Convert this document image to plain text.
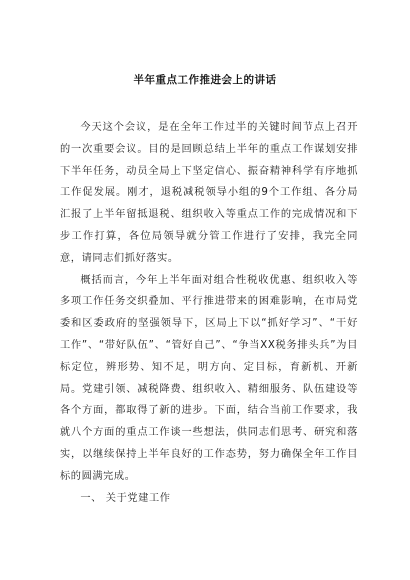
半年重点工作推进会上的讲话

今天这个会议，是在全年工作过半的关键时间节点上召开的一次重要会议。目的是回顾总结上半年的重点工作谋划安排下半年任务，动员全局上下坚定信心、振奋精神科学有序地抓工作促发展。刚才，退税减税领导小组的9个工作组、各分局汇报了上半年留抵退税、组织收入等重点工作的完成情况和下步工作打算，各位局领导就分管工作进行了安排，我完全同意，请同志们抓好落实。

概括而言，今年上半年面对组合性税收优惠、组织收入等多项工作任务交织叠加、平行推进带来的困难影响，在市局党委和区委政府的坚强领导下，区局上下以“抓好学习”、“干好工作”、“带好队伍”、“管好自己”、“争当XX税务排头兵”为目标定位，辨形势、知不足，明方向、定目标，育新机、开新局。党建引领、减税降费、组织收入、精细服务、队伍建设等各个方面，都取得了新的进步。下面，结合当前工作要求，我就八个方面的重点工作谈一些想法，供同志们思考、研究和落实，以继续保持上半年良好的工作态势，努力确保全年工作目标的圆满完成。

一、 关于党建工作
